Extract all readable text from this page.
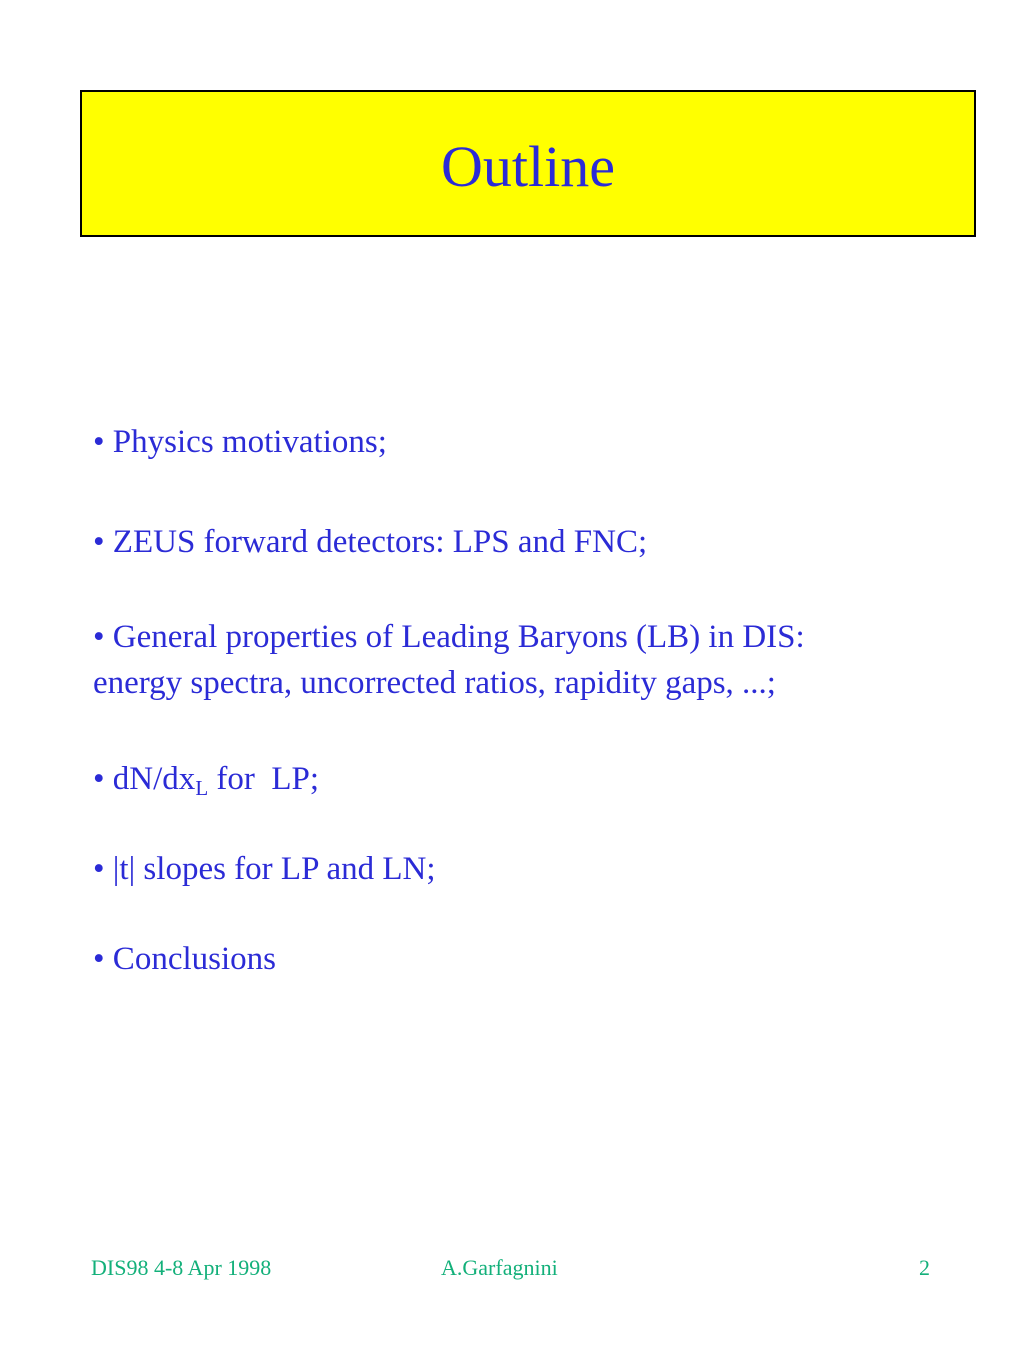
Outline
• Physics motivations;
• ZEUS forward detectors: LPS and FNC;
• General properties of Leading Baryons (LB) in DIS:
energy spectra, uncorrected ratios, rapidity gaps, ...;
• $dN/dx_L$ for  LP;
• |t| slopes for LP and LN;
• Conclusions
DIS98 4-8 Apr 1998	A.Garfagnini	2
